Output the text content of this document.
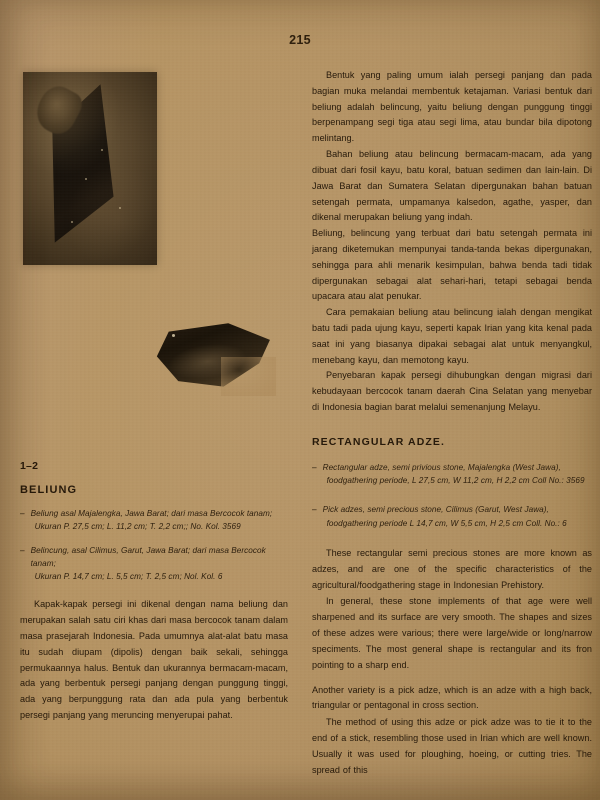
215
1–2
BELIUNG
– Beliung asal Majalengka, Jawa Barat; dari masa Bercocok tanam;
Ukuran P. 27,5 cm; L. 11,2 cm; T. 2,2 cm;; No. Kol. 3569
– Belincung, asal Cilimus, Garut, Jawa Barat; dari masa Bercocok tanam;
Ukuran P. 14,7 cm; L. 5,5 cm; T. 2,5 cm; Nol. Kol. 6

Kapak-kapak persegi ini dikenal dengan nama beliung dan merupakan salah satu ciri khas dari masa bercocok tanam dalam masa prasejarah Indonesia. Pada umumnya alat-alat batu masa itu sudah diupam (dipolis) dengan baik sekali, sehingga permukaannya halus. Bentuk dan ukurannya bermacam-macam, ada yang berbentuk persegi panjang dengan punggung tinggi, ada yang berpunggung rata dan ada pula yang berbentuk persegi panjang yang meruncing menyerupai pahat.

Bentuk yang paling umum ialah persegi panjang dan pada bagian muka melandai membentuk ketajaman. Variasi bentuk dari beliung adalah belincung, yaitu beliung dengan punggung tinggi berpenampang segi tiga atau segi lima, atau bundar bila dipotong melintang.

Bahan beliung atau belincung bermacam-macam, ada yang dibuat dari fosil kayu, batu koral, batuan sedimen dan lain-lain. Di Jawa Barat dan Sumatera Selatan dipergunakan bahan batuan setengah permata, umpamanya kalsedon, agathe, yasper, dan dikenal merupakan beliung yang indah.

Beliung, belincung yang terbuat dari batu setengah permata ini jarang diketemukan mempunyai tanda-tanda bekas dipergunakan, sehingga para ahli menarik kesimpulan, bahwa benda tadi tidak dipergunakan sebagai alat sehari-hari, tetapi sebagai benda upacara atau alat penukar.

Cara pemakaian beliung atau belincung ialah dengan mengikat batu tadi pada ujung kayu, seperti kapak Irian yang kita kenal pada saat ini yang biasanya dipakai sebagai alat untuk menyangkul, menebang kayu, dan memotong kayu.

Penyebaran kapak persegi dihubungkan dengan migrasi dari kebudayaan bercocok tanam daerah Cina Selatan yang menyebar di Indonesia bagian barat melalui semenanjung Melayu.

RECTANGULAR ADZE.
– Rectangular adze, semi privious stone, Majalengka (West Jawa),
foodgathering periode, L 27,5 cm, W 11,2 cm, H 2,2 cm Coll No.: 3569
– Pick adzes, semi precious stone, Cilimus (Garut, West Jawa),
foodgathering periode L 14,7 cm, W 5,5 cm, H 2,5 cm Coll. No.: 6

These rectangular semi precious stones are more known as adzes, and are one of the specific characteristics of the agricultural/foodgathering stage in Indonesian Prehistory.

In general, these stone implements of that age were well sharpened and its surface are very smooth. The shapes and sizes of these adzes were various; there were large/wide or long/narrow speciments. The most general shape is rectangular and its fron pointing to a sharp end.

Another variety is a pick adze, which is an adze with a high back, triangular or pentagonal in cross section.

The method of using this adze or pick adze was to tie it to the end of a stick, resembling those used in Irian which are well known. Usually it was used for ploughing, hoeing, or cutting tries. The spread of this
